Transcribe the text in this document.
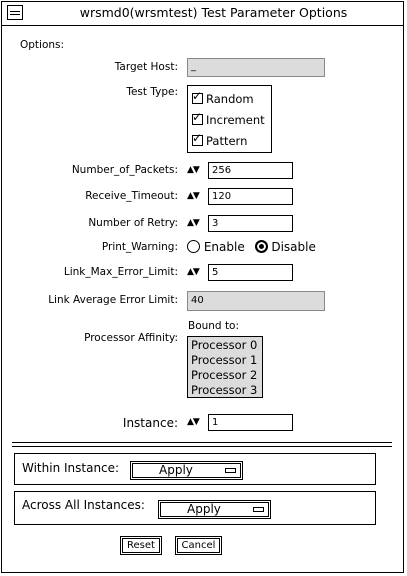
wrsmd0(wrsmtest) Test Parameter Options
Options:
Target Host:	_
Test Type: ✓	Random
✓Increment
✓Pattern
Number_of_Packets: ▲▼	256
Receive_Timeout: ▲▼	120
Number of Retry: ▲▼	3
Print_Warning:	Enable Disable
Link_Max_Error_Limit: ▲▼	5
Link Average Error Limit:	40
Bound to:
Processor Affinity: Processor 0
Processor 1
Processor 2
Processor 3
Instance: ▲▼	1
Within Instance:	Apply
Across All Instances:	Apply
Reset	Cancel
